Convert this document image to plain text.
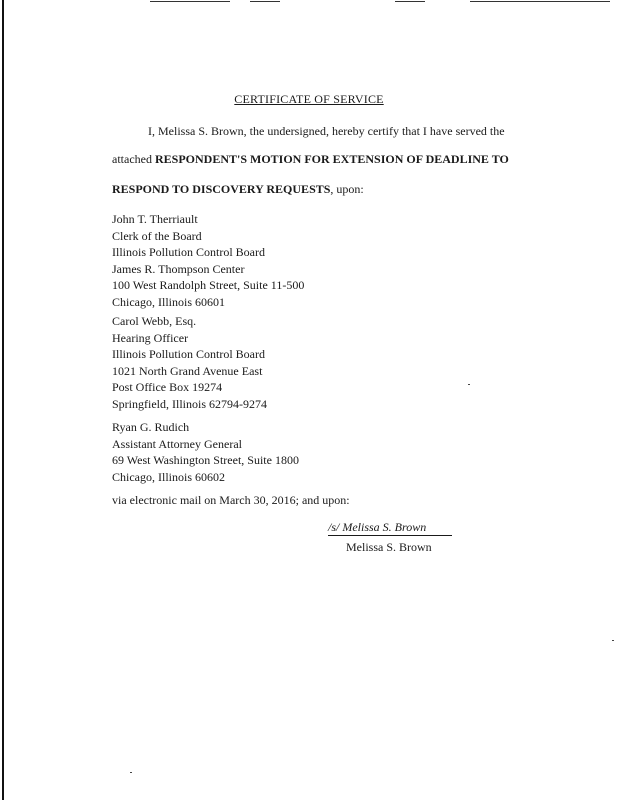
CERTIFICATE OF SERVICE
I, Melissa S. Brown, the undersigned, hereby certify that I have served the
attached RESPONDENT'S MOTION FOR EXTENSION OF DEADLINE TO
RESPOND TO DISCOVERY REQUESTS, upon:
John T. Therriault
Clerk of the Board
Illinois Pollution Control Board
James R. Thompson Center
100 West Randolph Street, Suite 11-500
Chicago, Illinois 60601
Carol Webb, Esq.
Hearing Officer
Illinois Pollution Control Board
1021 North Grand Avenue East
Post Office Box 19274
Springfield, Illinois 62794-9274
Ryan G. Rudich
Assistant Attorney General
69 West Washington Street, Suite 1800
Chicago, Illinois 60602
via electronic mail on March 30, 2016; and upon:
/s/ Melissa S. Brown
Melissa S. Brown
